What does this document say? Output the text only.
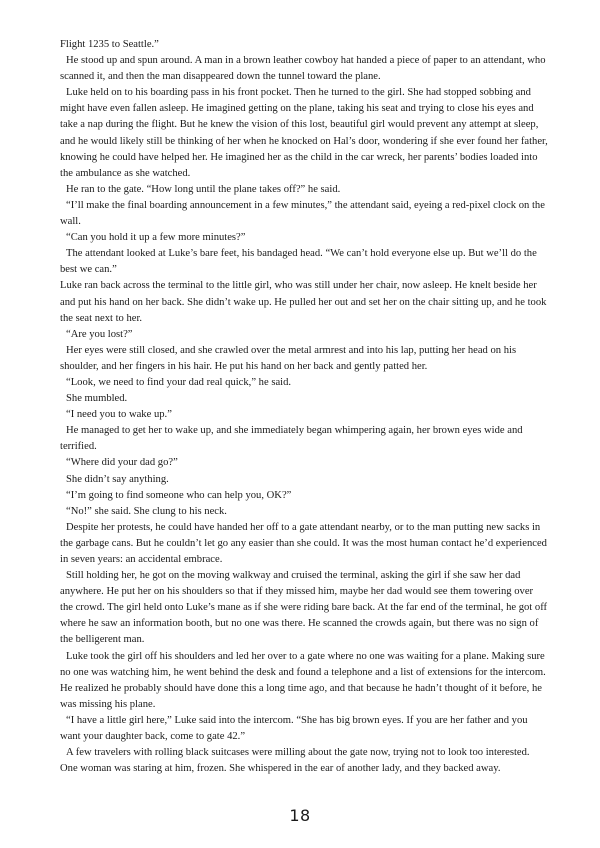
Flight 1235 to Seattle.”

He stood up and spun around. A man in a brown leather cowboy hat handed a piece of paper to an attendant, who scanned it, and then the man disappeared down the tunnel toward the plane.

Luke held on to his boarding pass in his front pocket. Then he turned to the girl. She had stopped sobbing and might have even fallen asleep. He imagined getting on the plane, taking his seat and trying to close his eyes and take a nap during the flight. But he knew the vision of this lost, beautiful girl would prevent any attempt at sleep, and he would likely still be thinking of her when he knocked on Hal’s door, wondering if she ever found her father, knowing he could have helped her. He imagined her as the child in the car wreck, her parents’ bodies loaded into the ambulance as she watched.

He ran to the gate. “How long until the plane takes off?” he said.

“I’ll make the final boarding announcement in a few minutes,” the attendant said, eyeing a red-pixel clock on the wall.

“Can you hold it up a few more minutes?”

The attendant looked at Luke’s bare feet, his bandaged head. “We can’t hold everyone else up. But we’ll do the best we can.”

Luke ran back across the terminal to the little girl, who was still under her chair, now asleep. He knelt beside her and put his hand on her back. She didn’t wake up. He pulled her out and set her on the chair sitting up, and he took the seat next to her.

“Are you lost?”

Her eyes were still closed, and she crawled over the metal armrest and into his lap, putting her head on his shoulder, and her fingers in his hair. He put his hand on her back and gently patted her.

“Look, we need to find your dad real quick,” he said.

She mumbled.

“I need you to wake up.”

He managed to get her to wake up, and she immediately began whimpering again, her brown eyes wide and terrified.

“Where did your dad go?”

She didn’t say anything.

“I’m going to find someone who can help you, OK?”

“No!” she said. She clung to his neck.

Despite her protests, he could have handed her off to a gate attendant nearby, or to the man putting new sacks in the garbage cans. But he couldn’t let go any easier than she could. It was the most human contact he’d experienced in seven years: an accidental embrace.

Still holding her, he got on the moving walkway and cruised the terminal, asking the girl if she saw her dad anywhere. He put her on his shoulders so that if they missed him, maybe her dad would see them towering over the crowd. The girl held onto Luke’s mane as if she were riding bare back. At the far end of the terminal, he got off where he saw an information booth, but no one was there. He scanned the crowds again, but there was no sign of the belligerent man.

Luke took the girl off his shoulders and led her over to a gate where no one was waiting for a plane. Making sure no one was watching him, he went behind the desk and found a telephone and a list of extensions for the intercom. He realized he probably should have done this a long time ago, and that because he hadn’t thought of it before, he was missing his plane.

“I have a little girl here,” Luke said into the intercom. “She has big brown eyes. If you are her father and you want your daughter back, come to gate 42.”

A few travelers with rolling black suitcases were milling about the gate now, trying not to look too interested. One woman was staring at him, frozen. She whispered in the ear of another lady, and they backed away.

18
